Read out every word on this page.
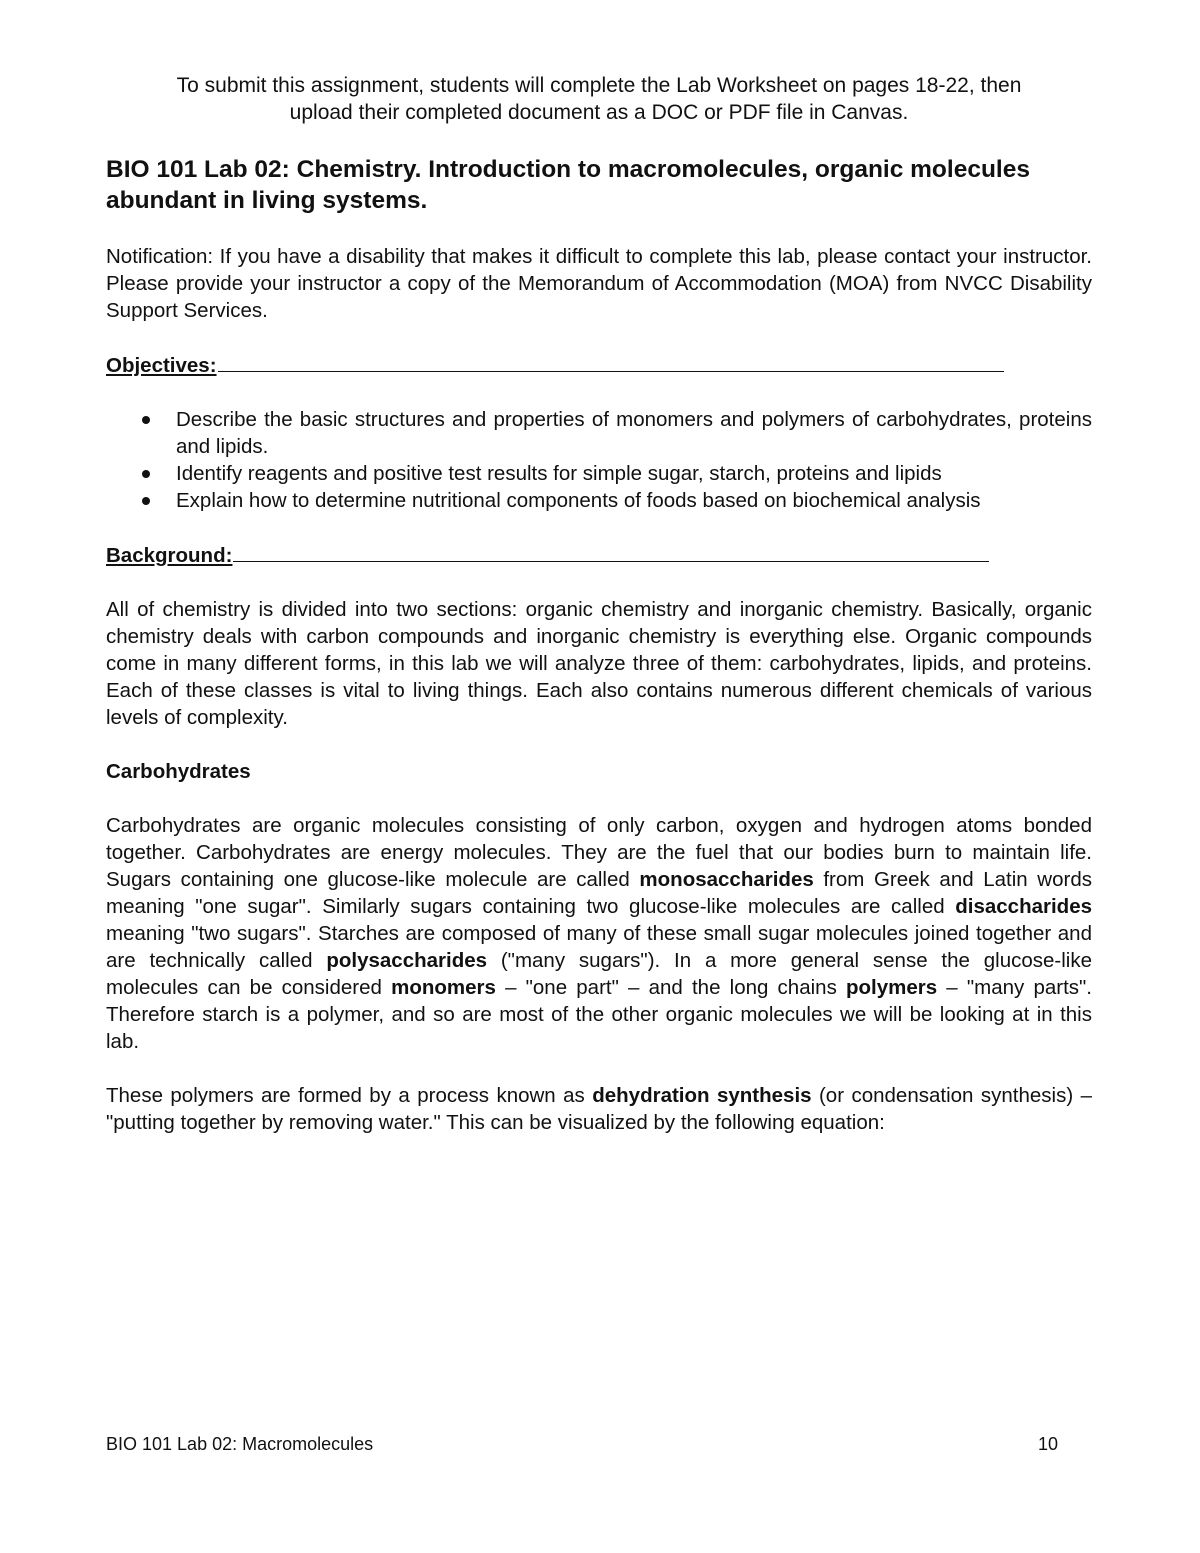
To submit this assignment, students will complete the Lab Worksheet on pages 18-22, then

upload their completed document as a DOC or PDF file in Canvas.

BIO 101 Lab 02: Chemistry. Introduction to macromolecules, organic molecules abundant in living systems.

Notification: If you have a disability that makes it difficult to complete this lab, please contact your instructor. Please provide your instructor a copy of the Memorandum of Accommodation (MOA) from NVCC Disability Support Services.

Objectives:
Describe the basic structures and properties of monomers and polymers of carbohydrates, proteins and lipids.
Identify reagents and positive test results for simple sugar, starch, proteins and lipids
Explain how to determine nutritional components of foods based on biochemical analysis
Background:

All of chemistry is divided into two sections: organic chemistry and inorganic chemistry. Basically, organic chemistry deals with carbon compounds and inorganic chemistry is everything else. Organic compounds come in many different forms, in this lab we will analyze three of them: carbohydrates, lipids, and proteins. Each of these classes is vital to living things. Each also contains numerous different chemicals of various levels of complexity.

Carbohydrates

Carbohydrates are organic molecules consisting of only carbon, oxygen and hydrogen atoms bonded together. Carbohydrates are energy molecules. They are the fuel that our bodies burn to maintain life. Sugars containing one glucose-like molecule are called monosaccharides from Greek and Latin words meaning "one sugar". Similarly sugars containing two glucose-like molecules are called disaccharides meaning "two sugars". Starches are composed of many of these small sugar molecules joined together and are technically called polysaccharides ("many sugars"). In a more general sense the glucose-like molecules can be considered monomers – "one part" – and the long chains polymers – "many parts". Therefore starch is a polymer, and so are most of the other organic molecules we will be looking at in this lab.

These polymers are formed by a process known as dehydration synthesis (or condensation synthesis) – "putting together by removing water." This can be visualized by the following equation:

BIO 101 Lab 02: Macromolecules	10
